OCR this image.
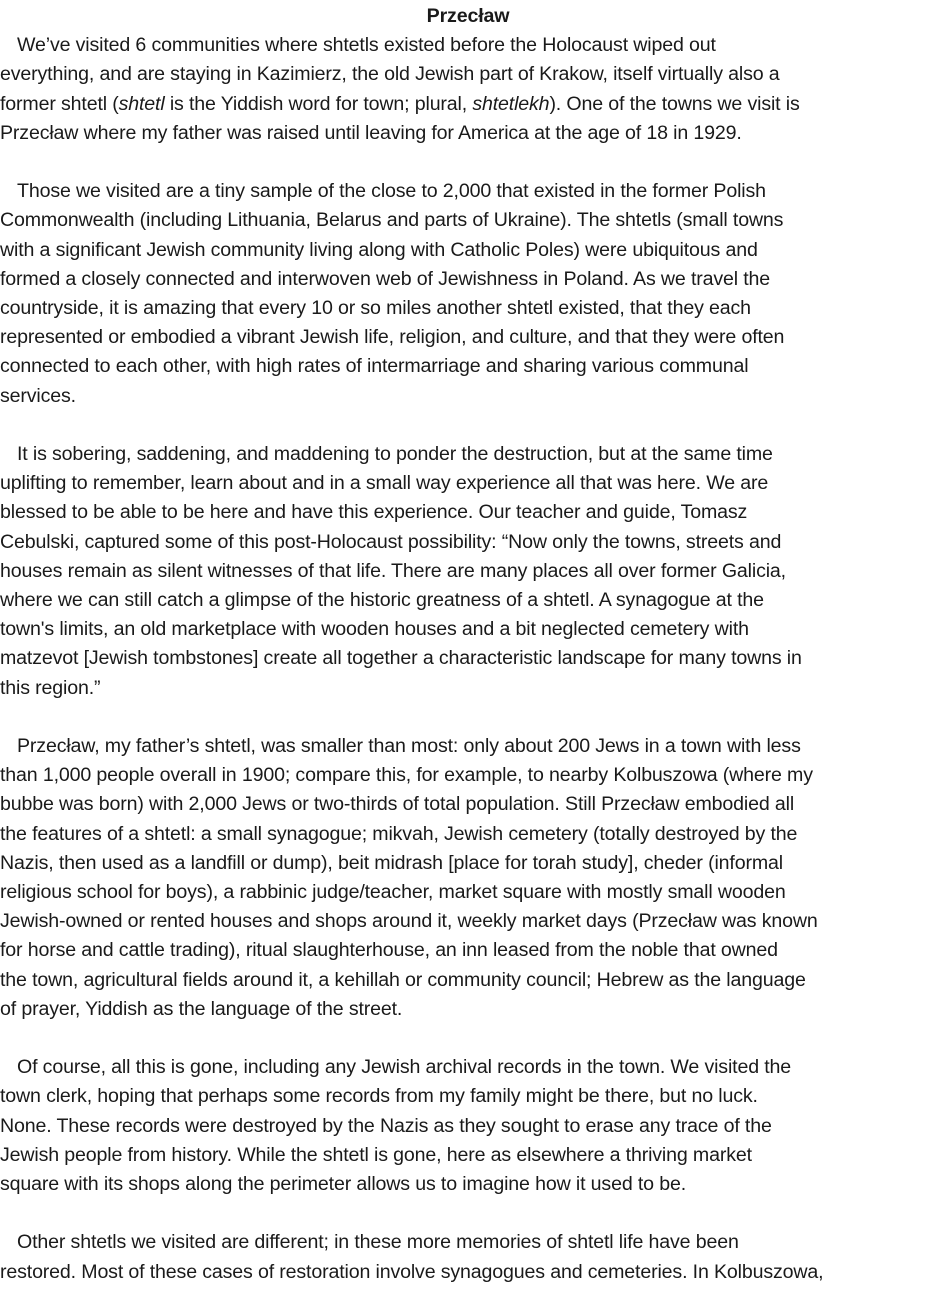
Przecław

We’ve visited 6 communities where shtetls existed before the Holocaust wiped out
everything, and are staying in Kazimierz, the old Jewish part of Krakow, itself virtually also a
former shtetl (shtetl is the Yiddish word for town; plural, shtetlekh). One of the towns we visit is
Przecław where my father was raised until leaving for America at the age of 18 in 1929.

Those we visited are a tiny sample of the close to 2,000 that existed in the former Polish
Commonwealth (including Lithuania, Belarus and parts of Ukraine). The shtetls (small towns
with a significant Jewish community living along with Catholic Poles) were ubiquitous and
formed a closely connected and interwoven web of Jewishness in Poland. As we travel the
countryside, it is amazing that every 10 or so miles another shtetl existed, that they each
represented or embodied a vibrant Jewish life, religion, and culture, and that they were often
connected to each other, with high rates of intermarriage and sharing various communal
services.

It is sobering, saddening, and maddening to ponder the destruction, but at the same time
uplifting to remember, learn about and in a small way experience all that was here. We are
blessed to be able to be here and have this experience. Our teacher and guide, Tomasz
Cebulski, captured some of this post-Holocaust possibility: “Now only the towns, streets and
houses remain as silent witnesses of that life. There are many places all over former Galicia,
where we can still catch a glimpse of the historic greatness of a shtetl. A synagogue at the
town's limits, an old marketplace with wooden houses and a bit neglected cemetery with
matzevot [Jewish tombstones] create all together a characteristic landscape for many towns in
this region.”

Przecław, my father’s shtetl, was smaller than most: only about 200 Jews in a town with less
than 1,000 people overall in 1900; compare this, for example, to nearby Kolbuszowa (where my
bubbe was born) with 2,000 Jews or two-thirds of total population. Still Przecław embodied all
the features of a shtetl: a small synagogue; mikvah, Jewish cemetery (totally destroyed by the
Nazis, then used as a landfill or dump), beit midrash [place for torah study], cheder (informal
religious school for boys), a rabbinic judge/teacher, market square with mostly small wooden
Jewish-owned or rented houses and shops around it, weekly market days (Przecław was known
for horse and cattle trading), ritual slaughterhouse, an inn leased from the noble that owned
the town, agricultural fields around it, a kehillah or community council; Hebrew as the language
of prayer, Yiddish as the language of the street.

Of course, all this is gone, including any Jewish archival records in the town. We visited the
town clerk, hoping that perhaps some records from my family might be there, but no luck.
None. These records were destroyed by the Nazis as they sought to erase any trace of the
Jewish people from history. While the shtetl is gone, here as elsewhere a thriving market
square with its shops along the perimeter allows us to imagine how it used to be.

Other shtetls we visited are different; in these more memories of shtetl life have been
restored. Most of these cases of restoration involve synagogues and cemeteries. In Kolbuszowa,
